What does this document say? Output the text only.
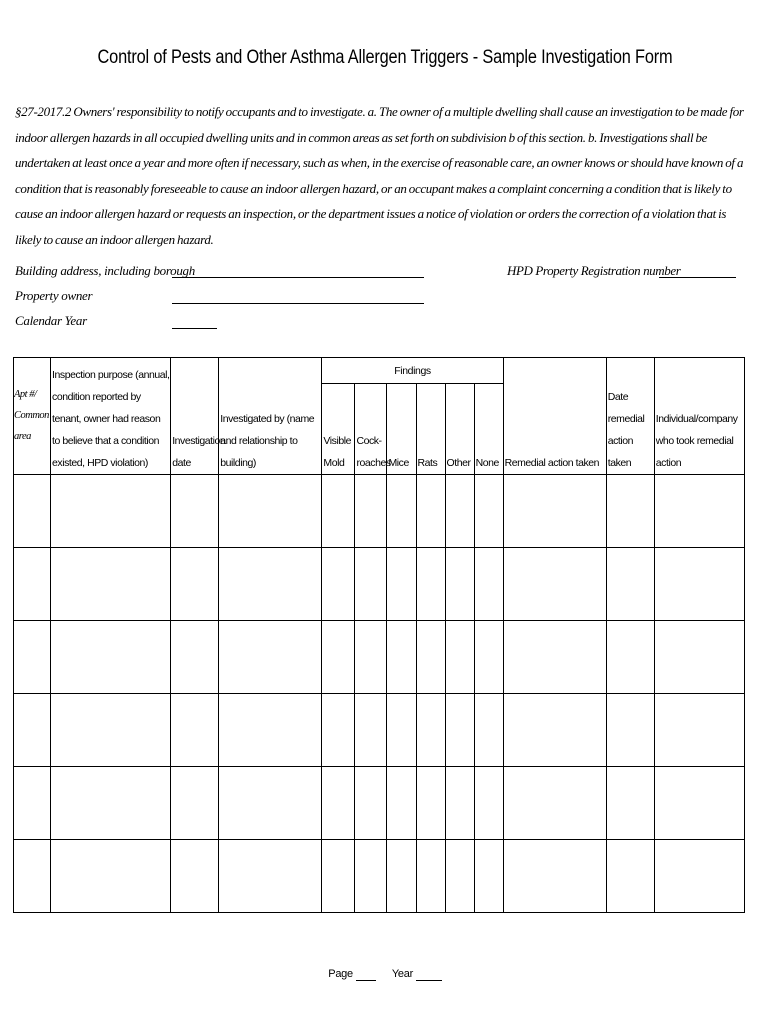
Control of Pests and Other Asthma Allergen Triggers - Sample Investigation Form
§27-2017.2 Owners' responsibility to notify occupants and to investigate. a. The owner of a multiple dwelling shall cause an investigation to be made for indoor allergen hazards in all occupied dwelling units and in common areas as set forth on subdivision b of this section. b. Investigations shall be undertaken at least once a year and more often if necessary, such as when, in the exercise of reasonable care, an owner knows or should have known of a condition that is reasonably foreseeable to cause an indoor allergen hazard, or an occupant makes a complaint concerning a condition that is likely to cause an indoor allergen hazard or requests an inspection, or the department issues a notice of violation or orders the correction of a violation that is likely to cause an indoor allergen hazard.
Building address, including borough
Property owner
Calendar Year
HPD Property Registration number
Apt #/ Common area	Inspection purpose (annual, condition reported by tenant, owner had reason to believe that a condition existed, HPD violation)	Investigation date	Investigated by (name and relationship to building)	Findings						Remedial action taken	Date remedial action taken	Individual/company who took remedial action
				Visible Mold	Cock- roaches	Mice	Rats	Other	None			

Page	Year
